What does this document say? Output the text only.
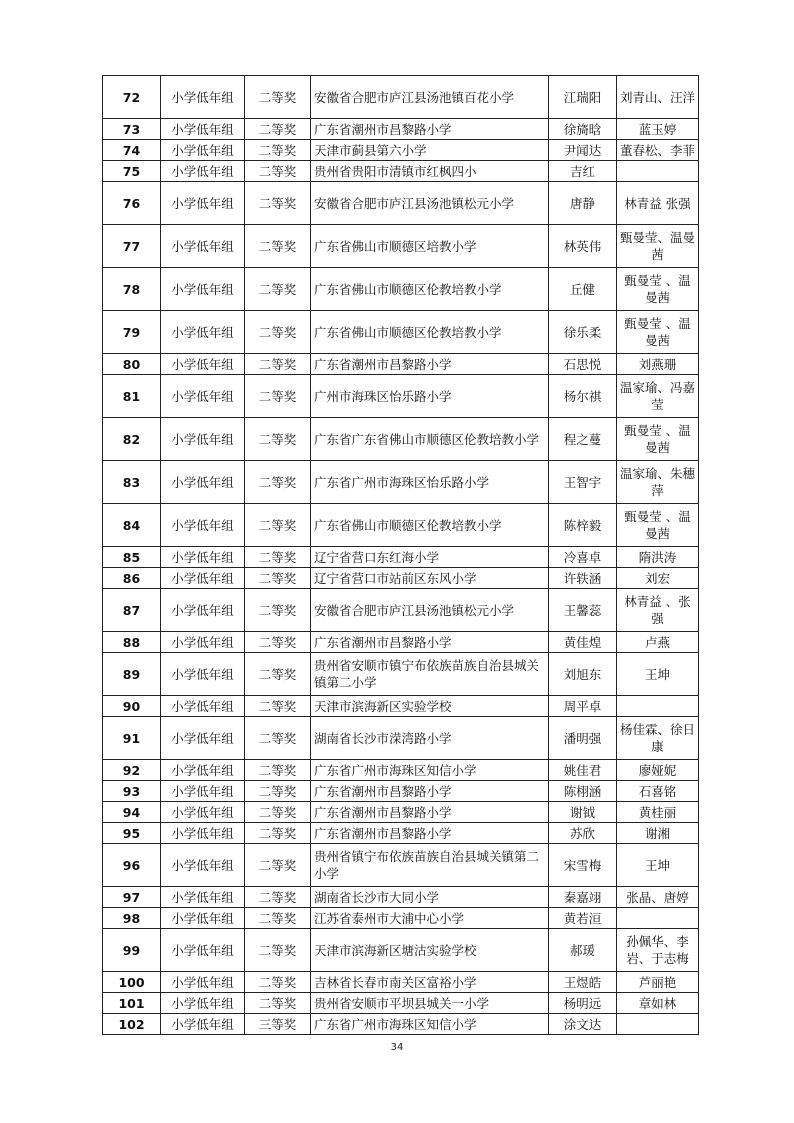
72	小学低年组	二等奖	安徽省合肥市庐江县汤池镇百花小学	江瑞阳	刘青山、汪洋
73	小学低年组	二等奖	广东省潮州市昌黎路小学	徐旖晗	蓝玉婷
74	小学低年组	二等奖	天津市蓟县第六小学	尹闻达	董春松、李菲
75	小学低年组	二等奖	贵州省贵阳市清镇市红枫四小	吉红	
76	小学低年组	二等奖	安徽省合肥市庐江县汤池镇松元小学	唐静	林青益 张强
77	小学低年组	二等奖	广东省佛山市顺德区培教小学	林英伟	甄曼莹、温曼茜
78	小学低年组	二等奖	广东省佛山市顺德区伦教培教小学	丘健	甄曼莹 、温曼茜
79	小学低年组	二等奖	广东省佛山市顺德区伦教培教小学	徐乐柔	甄曼莹 、温曼茜
80	小学低年组	二等奖	广东省潮州市昌黎路小学	石思悦	刘燕珊
81	小学低年组	二等奖	广州市海珠区怡乐路小学	杨尔祺	温家瑜、冯嘉莹
82	小学低年组	二等奖	广东省广东省佛山市顺德区伦教培教小学	程之蔓	甄曼莹 、温曼茜
83	小学低年组	二等奖	广东省广州市海珠区怡乐路小学	王智宇	温家瑜、朱穗萍
84	小学低年组	二等奖	广东省佛山市顺德区伦教培教小学	陈梓毅	甄曼莹 、温曼茜
85	小学低年组	二等奖	辽宁省营口东红海小学	冷喜卓	隋洪涛
86	小学低年组	二等奖	辽宁省营口市站前区东风小学	许轶涵	刘宏
87	小学低年组	二等奖	安徽省合肥市庐江县汤池镇松元小学	王馨蕊	林青益 、张强
88	小学低年组	二等奖	广东省潮州市昌黎路小学	黄佳煌	卢燕
89	小学低年组	二等奖	贵州省安顺市镇宁布依族苗族自治县城关镇第二小学	刘旭东	王坤
90	小学低年组	二等奖	天津市滨海新区实验学校	周平卓	
91	小学低年组	二等奖	湖南省长沙市溁湾路小学	潘明强	杨佳霖、徐日康
92	小学低年组	二等奖	广东省广州市海珠区知信小学	姚佳君	廖娅妮
93	小学低年组	二等奖	广东省潮州市昌黎路小学	陈栩涵	石喜铭
94	小学低年组	二等奖	广东省潮州市昌黎路小学	谢钺	黄桂丽
95	小学低年组	二等奖	广东省潮州市昌黎路小学	苏欣	谢湘
96	小学低年组	二等奖	贵州省镇宁布依族苗族自治县城关镇第二小学	宋雪梅	王坤
97	小学低年组	二等奖	湖南省长沙市大同小学	秦嘉翊	张晶、唐婷
98	小学低年组	二等奖	江苏省泰州市大浦中心小学	黄若洹	
99	小学低年组	二等奖	天津市滨海新区塘沽实验学校	郝瑗	孙佩华、李岩、于志梅
100	小学低年组	二等奖	吉林省长春市南关区富裕小学	王煜皓	芦丽艳
101	小学低年组	二等奖	贵州省安顺市平坝县城关一小学	杨明远	章如林
102	小学低年组	三等奖	广东省广州市海珠区知信小学	涂文达	
34
